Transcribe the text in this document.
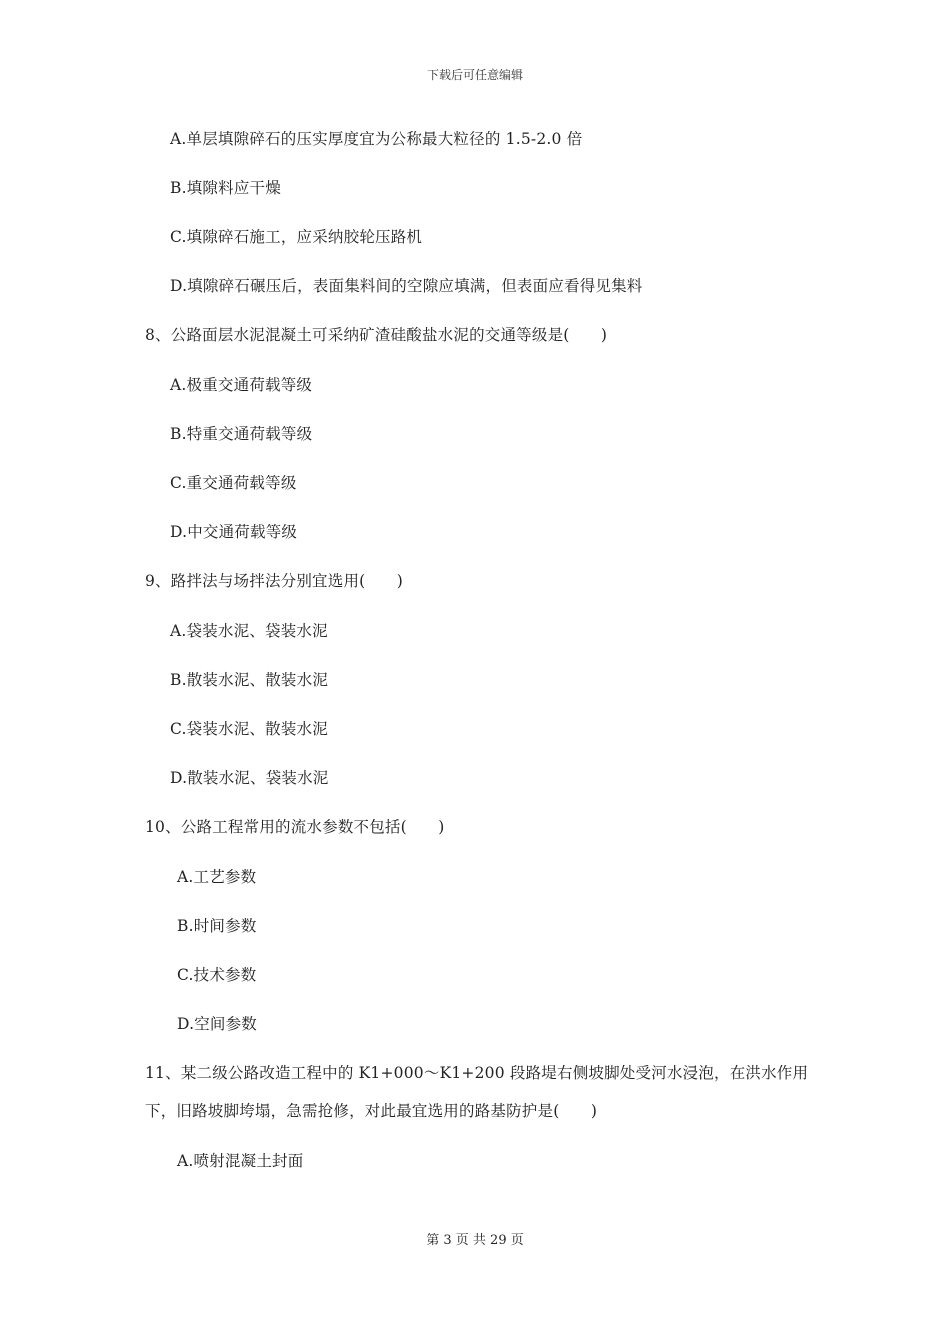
下载后可任意编辑
A.单层填隙碎石的压实厚度宜为公称最大粒径的 1.5-2.0 倍
B.填隙料应干燥
C.填隙碎石施工，应采纳胶轮压路机
D.填隙碎石碾压后，表面集料间的空隙应填满，但表面应看得见集料
8、公路面层水泥混凝土可采纳矿渣硅酸盐水泥的交通等级是(　　)
A.极重交通荷载等级
B.特重交通荷载等级
C.重交通荷载等级
D.中交通荷载等级
9、路拌法与场拌法分别宜选用(　　)
A.袋装水泥、袋装水泥
B.散装水泥、散装水泥
C.袋装水泥、散装水泥
D.散装水泥、袋装水泥
10、公路工程常用的流水参数不包括(　　)
A.工艺参数
B.时间参数
C.技术参数
D.空间参数
11、某二级公路改造工程中的 K1+000～K1+200 段路堤右侧坡脚处受河水浸泡，在洪水作用
下，旧路坡脚垮塌，急需抢修，对此最宜选用的路基防护是(　　)
A.喷射混凝土封面
第 3 页 共 29 页
